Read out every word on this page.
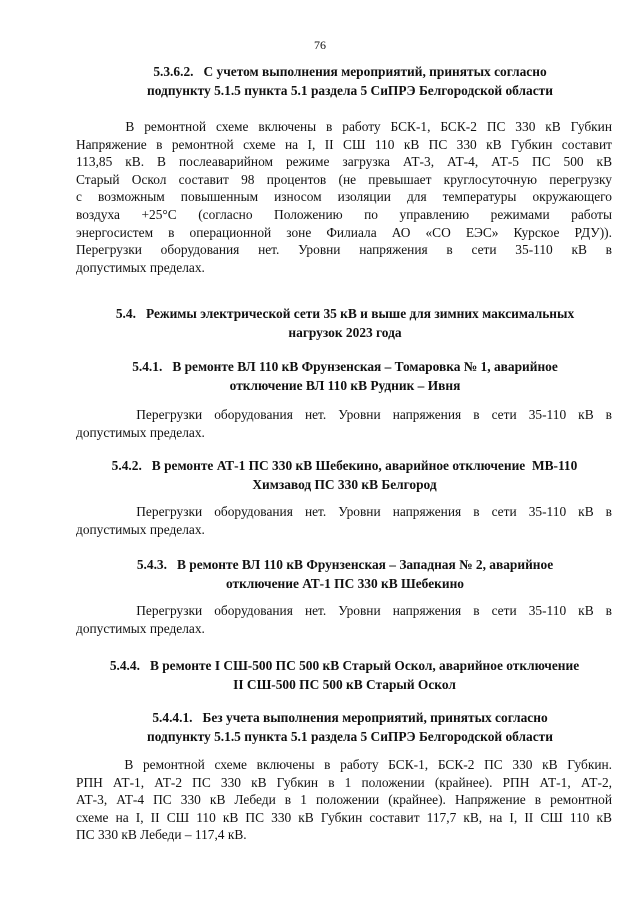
76
5.3.6.2. С учетом выполнения мероприятий, принятых согласно
подпункту 5.1.5 пункта 5.1 раздела 5 СиПРЭ Белгородской области
В ремонтной схеме включены в работу БСК-1, БСК-2 ПС 330 кВ Губкин
Напряжение в ремонтной схеме на I, II СШ 110 кВ ПС 330 кВ Губкин составит
113,85 кВ. В послеаварийном режиме загрузка АТ-3, АТ-4, АТ-5 ПС 500 кВ
Старый Оскол составит 98 процентов (не превышает круглосуточную перегрузку
с возможным повышенным износом изоляции для температуры окружающего
воздуха +25°С (согласно Положению по управлению режимами работы
энергосистем в операционной зоне Филиала АО «СО ЕЭС» Курское РДУ)).
Перегрузки оборудования нет. Уровни напряжения в сети 35-110 кВ в
допустимых пределах.
5.4. Режимы электрической сети 35 кВ и выше для зимних максимальных
нагрузок 2023 года
5.4.1. В ремонте ВЛ 110 кВ Фрунзенская – Томаровка № 1, аварийное
отключение ВЛ 110 кВ Рудник – Ивня
Перегрузки оборудования нет. Уровни напряжения в сети 35-110 кВ в
допустимых пределах.
5.4.2. В ремонте АТ-1 ПС 330 кВ Шебекино, аварийное отключение  МВ-110
Химзавод ПС 330 кВ Белгород
Перегрузки оборудования нет. Уровни напряжения в сети 35-110 кВ в
допустимых пределах.
5.4.3. В ремонте ВЛ 110 кВ Фрунзенская – Западная № 2, аварийное
отключение АТ-1 ПС 330 кВ Шебекино
Перегрузки оборудования нет. Уровни напряжения в сети 35-110 кВ в
допустимых пределах.
5.4.4. В ремонте I СШ-500 ПС 500 кВ Старый Оскол, аварийное отключение
II СШ-500 ПС 500 кВ Старый Оскол
5.4.4.1. Без учета выполнения мероприятий, принятых согласно
подпункту 5.1.5 пункта 5.1 раздела 5 СиПРЭ Белгородской области
В ремонтной схеме включены в работу БСК-1, БСК-2 ПС 330 кВ Губкин.
РПН АТ-1, АТ-2 ПС 330 кВ Губкин в 1 положении (крайнее). РПН АТ-1, АТ-2,
АТ-3, АТ-4 ПС 330 кВ Лебеди в 1 положении (крайнее). Напряжение в ремонтной
схеме на I, II СШ 110 кВ ПС 330 кВ Губкин составит 117,7 кВ, на I, II СШ 110 кВ
ПС 330 кВ Лебеди – 117,4 кВ.
